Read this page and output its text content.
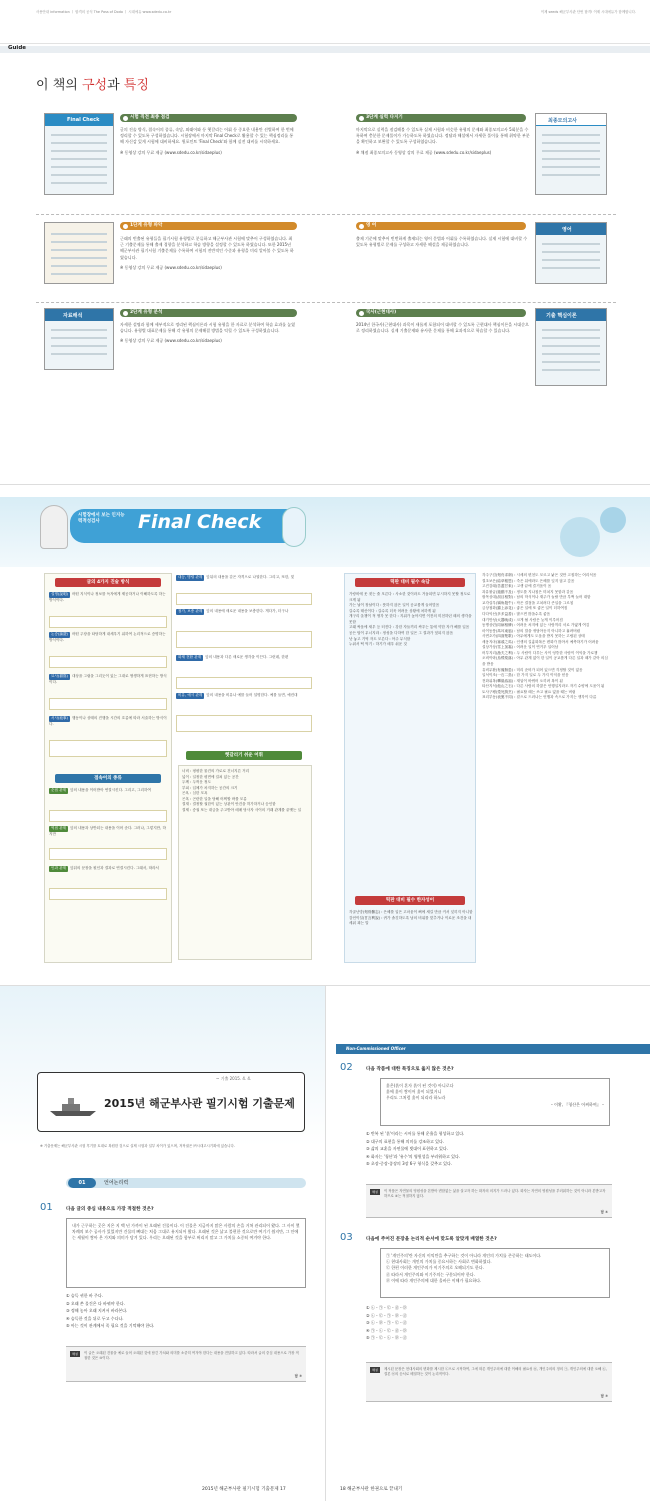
사용안내 information ㅣ 합격의 공식 The Pass of Dodo ㅣ 시대에듀 www.sdedu.co.kr	이제 seeds 해군부사관 단번 합격! 이제 시대에듀가 함께합니다.
Guide
이 책의 구성과 특징
Final Check	시험 직전 최종 점검

글의 진술 방식, 접속어의 종류, 속담, 외래어와 등 헷갈리는 어휘 등 중요한 내용만 선별하여 한 번에 정리할 수 있도록 구성하였습니다. 시험장에서 마지막 Final Check로 활용할 수 있는 핵심정리를 통해 자신감 있게 시험에 대비하세요. 원포인트 'Final Check'와 함께 실전 대비를 시작하세요.

※ 동영상 강의 무료 제공 (www.sdedu.co.kr/sidaeplus)

1단계 유형 파악

근래의 빈출된 유형들을 필기시험 유형별로 분류하고 해군부사관 시험에 맞추어 구성하였습니다. 최근 기출문제를 통해 출제 경향을 분석하고 학습 방향을 설정할 수 있도록 하였습니다. 또한 2015년 해군부사관 필기시험 기출문제를 수록하여 시험의 전반적인 수준과 유형을 미리 알아볼 수 있도록 하였습니다.

※ 동영상 강의 무료 제공 (www.sdedu.co.kr/sidaeplus)

자료해석
2단계 유형 분석

자세한 설명과 함께 세부적으로 정리된 핵심이론과 시험 유형을 한 자료로 분석하여 학습 효과를 높였습니다. 유형별 대표문제를 통해 각 유형의 문제해결 방법을 익힐 수 있도록 구성하였습니다.

※ 동영상 강의 무료 제공 (www.sdedu.co.kr/sidaeplus)

3단계 실력 다지기

마지막으로 실력을 점검해볼 수 있도록 실제 시험과 비슷한 유형의 문제와 최종모의고사 5회분을 수록하여 충분한 문제풀이가 가능하도록 하였습니다. 정답과 해설에서 자세한 풀이를 통해 취약한 부분을 확인하고 보완할 수 있도록 구성하였습니다.

※ 채점 최종모의고사 동영상 강의 무료 제공 (www.sdedu.co.kr/sidaeplus)

최종모의고사
영 어

출제 기준에 맞추어 빈번하게 출제되는 영어 문법과 어휘를 수록하였습니다. 실제 시험에 대비할 수 있도록 유형별로 문제를 구성하고 자세한 해설을 제공하였습니다.

영어
국사(근현대사)

2014년 한국사(근현대사) 과목이 새롭게 포함되어 대비할 수 있도록 근현대사 핵심이론을 시대순으로 정리하였습니다. 실제 기출문제와 유사한 문제를 통해 효과적으로 학습할 수 있습니다.

기출 핵심이론
시험장에서 보는 인지능력적성검사	Final Check
글의 4가지 진술 방식
설명(說明) 어떤 지식이나 정보를 독자에게 제공하거나 이해하도록 하는 방식이다.

논증(論證) 어떤 주장을 타당하게 내세우기 위하여 논리적으로 증명하는 방식이다.

묘사(描寫) 대상을 그림을 그리듯이 있는 그대로 생생하게 표현하는 방식이다.

서사(敍事) 행동이나 상태의 진행을 시간의 흐름에 따라 서술하는 방식이다.

접속어의 종류
순접 관계 앞의 내용을 이어받아 연결시킨다. 그리고, 그리하여

역접 관계 앞의 내용과 상반되는 내용을 이어 준다. 그러나, 그렇지만, 하지만

인과 관계 앞뒤의 문장을 원인과 결과로 연결시킨다. 그래서, 따라서

대등, 병렬 관계 앞뒤의 내용을 같은 자격으로 나열한다. 그리고, 또한, 및

첨가, 보충 관계 앞의 내용에 새로운 내용을 보충한다. 게다가, 더구나

화제 전환 관계 앞의 내용과 다른 새로운 생각을 이끈다. 그런데, 한편

비유, 예시 관계 앞의 내용을 비유나 예를 들어 설명한다. 예를 들면, 예컨대

헷갈리기 쉬운 어휘
너비 : 평평한 물건의 가로로 건너지른 거리
넓이 : 일정한 평면에 걸쳐 있는 공간
두께 : 두꺼운 정도
부피 : 입체가 차지하는 공간의 크기
곤욕 : 심한 모욕
곤혹 : 곤란한 일을 당해 어찌할 바를 모름
결재 : 결정할 권한이 있는 상관이 안건을 허가하거나 승인함
결제 : 증권 또는 대금을 주고받아 매매 당사자 사이의 거래 관계를 끝맺는 일
떡판 대비 필수 속담
가랑비에 옷 젖는 줄 모른다 : 사소한 것이라도 거듭되면 무시하지 못할 정도로 크게 됨
가는 날이 장날이다 : 뜻하지 않은 일이 공교롭게 들어맞음
갈수록 태산이다 : 갈수록 더욱 어려운 상황에 처하게 됨
개구리 올챙이 적 생각 못 한다 : 지위가 높아지면 이전의 미천하던 때의 생각을 못함
고래 싸움에 새우 등 터진다 : 강한 자들끼리 싸우는 통에 약한 자가 해를 입음
공든 탑이 무너지랴 : 정성을 다하여 한 일은 그 결과가 헛되지 않음
낫 놓고 기역 자도 모른다 : 아주 무식함
누워서 떡 먹기 : 하기가 매우 쉬운 것
떡판 대비 필수 한자성어
각골난망(刻骨難忘) : 은혜를 입은 고마움이 뼈에 새길 만큼 커서 잊히지 아니함
감언이설(甘言利說) : 귀가 솔깃하도록 남의 비위를 맞추거나 이로운 조건을 내세워 꾀는 말
각주구검(刻舟求劍) : 시세의 변천도 모르고 낡은 것만 고집하는 어리석음
결초보은(結草報恩) : 죽은 뒤에라도 은혜를 잊지 않고 갚음
고진감래(苦盡甘來) : 고생 끝에 즐거움이 옴
과유불급(過猶不及) : 정도를 지나침은 미치지 못함과 같음
괄목상대(刮目相對) : 남의 학식이나 재주가 놀랄 만큼 부쩍 늘어 대함
교각살우(矯角殺牛) : 작은 결점을 고치려다 큰일을 그르침
금상첨화(錦上添花) : 좋은 일에 또 좋은 일이 더하여짐
다다익선(多多益善) : 많으면 많을수록 좋음
대기만성(大器晩成) : 크게 될 사람은 늦게 이루어짐
동병상련(同病相憐) : 어려운 처지에 있는 사람끼리 서로 가엾게 여김
마이동풍(馬耳東風) : 남의 말을 귀담아듣지 아니하고 흘려버림
사면초가(四面楚歌) : 아무에게도 도움을 받지 못하는 고립된 상태
새옹지마(塞翁之馬) : 인생의 길흉화복은 변화가 많아서 예측하기가 어려움
설상가상(雪上加霜) : 어려운 일이 연거푸 일어남
어부지리(漁夫之利) : 두 사람이 다투는 사이 엉뚱한 사람이 이익을 가로챔
오비이락(烏飛梨落) : 아무 관계 없이 한 일이 공교롭게 다른 일과 때가 같아 의심을 받음
유비무환(有備無患) : 미리 준비가 되어 있으면 걱정할 것이 없음
일석이조(一石二鳥) : 한 가지 일로 두 가지 이익을 얻음
전화위복(轉禍爲福) : 재앙이 바뀌어 오히려 복이 됨
타산지석(他山之石) : 다른 사람의 하찮은 언행일지라도 자기 수양에 도움이 됨
토사구팽(兎死狗烹) : 필요할 때는 쓰고 필요 없을 때는 버림
표리부동(表裏不同) : 겉으로 드러나는 언행과 속으로 가지는 생각이 다름
~ 기출 2015. 4. 4.
2015년 해군부사관 필기시험 기출문제
※ 기출문제는 해군부사관 시험 후기를 토대로 복원한 것으로 실제 시험과 일부 차이가 있으며, 저작권은 ㈜시대고시기획에 있습니다.
01	언어논리력
01	다음 글의 중심 내용으로 가장 적절한 것은?
내가 근무하는 곳은 지은 지 백 년 가까이 된 오래된 건물이다. 이 건물은 지금까지 많은 사람의 손을 거쳐 관리되어 왔다. 그 사이 몇 차례의 보수 공사가 있었지만 건물의 뼈대는 처음 그대로 유지되어 왔다. 오래된 것은 낡고 불편한 것으로만 여기기 쉽지만, 그 안에는 세월이 쌓아 온 가치와 의미가 담겨 있다. 우리는 오래된 것을 함부로 버리지 말고 그 가치를 소중히 여겨야 한다.
① 습득 귀한 바 주다.
② 오래 쓴 물건은 다 바꿔야 한다.
③ 정해 놓아 오래 지켜서 바라본다.
④ 습득한 것을 뒤로 두고 수다나.
⑤ 아는 것이 관계에서 꼭 필요 것을 기억해야 한다.
해설	이 글은 오래된 건물을 예로 들어 오래된 것에 담긴 가치와 의미를 소중히 여겨야 한다는 내용을 전달하고 있다. 따라서 글의 중심 내용으로 가장 적절한 것은 ③이다.
답 ③
2015년 해군부사관 필기시험 기출문제 17
Non-Commissioned Officer
02	다음 작품에 대한 특징으로 옳지 않은 것은?
흙은(흙이 혼자 흙이 된 것이) 아니로다
흙에 흙이 쌓이어 흙이 되었거니
우리도 그처럼 흙이 되리라 하노라
– 이황, 『청산은 어찌하여』 –
① 반복 된 '흙'이라는 시어를 통해 운율을 형성하고 있다.
② 대구의 표현을 통해 의미를 강조하고 있다.
③ 삶의 교훈을 자연물에 빗대어 표현하고 있다.
④ 화자는 '청산'과 '유수'의 영원성을 부러워하고 있다.
⑤ 초장-중장-종장의 3장 6구 형식을 갖추고 있다.
해설	이 작품은 자연물의 영원성을 본받아 변함없는 삶을 살고자 하는 화자의 의지가 드러나 있다. 화자는 자연의 영원성을 부러워하는 것이 아니라 본받고자 하므로 ④는 적절하지 않다.
답 ④
03	다음에 주어진 문장을 논리적 순서에 맞도록 알맞게 배열한 것은?
㉠ '개인주의'란 자신의 이익만을 추구하는 것이 아니라 개인의 가치를 존중하는 태도이다.
㉡ 현대사회는 개인의 가치를 중요시하는 사회로 변화하였다.
㉢ 한편 이러한 개인주의가 이기주의로 오해되기도 한다.
㉣ 따라서 개인주의와 이기주의는 구분되어야 한다.
㉤ 이에 따라 개인주의에 대한 올바른 이해가 필요하다.
① ㉡ - ㉠ - ㉢ - ㉣ - ㉤
② ㉡ - ㉢ - ㉠ - ㉤ - ㉣
③ ㉡ - ㉤ - ㉠ - ㉢ - ㉣
④ ㉠ - ㉡ - ㉢ - ㉣ - ㉤
⑤ ㉠ - ㉢ - ㉡ - ㉤ - ㉣
해설	제시된 문장은 현대사회의 변화를 제시한 ㉡으로 시작하여, 그에 따른 개인주의에 대한 이해의 필요성 ㉤, 개인주의의 정의 ㉠, 개인주의에 대한 오해 ㉢, 결론 ㉣의 순서로 배열하는 것이 논리적이다.
답 ③
18 해군부사관 한권으로 끝내기
